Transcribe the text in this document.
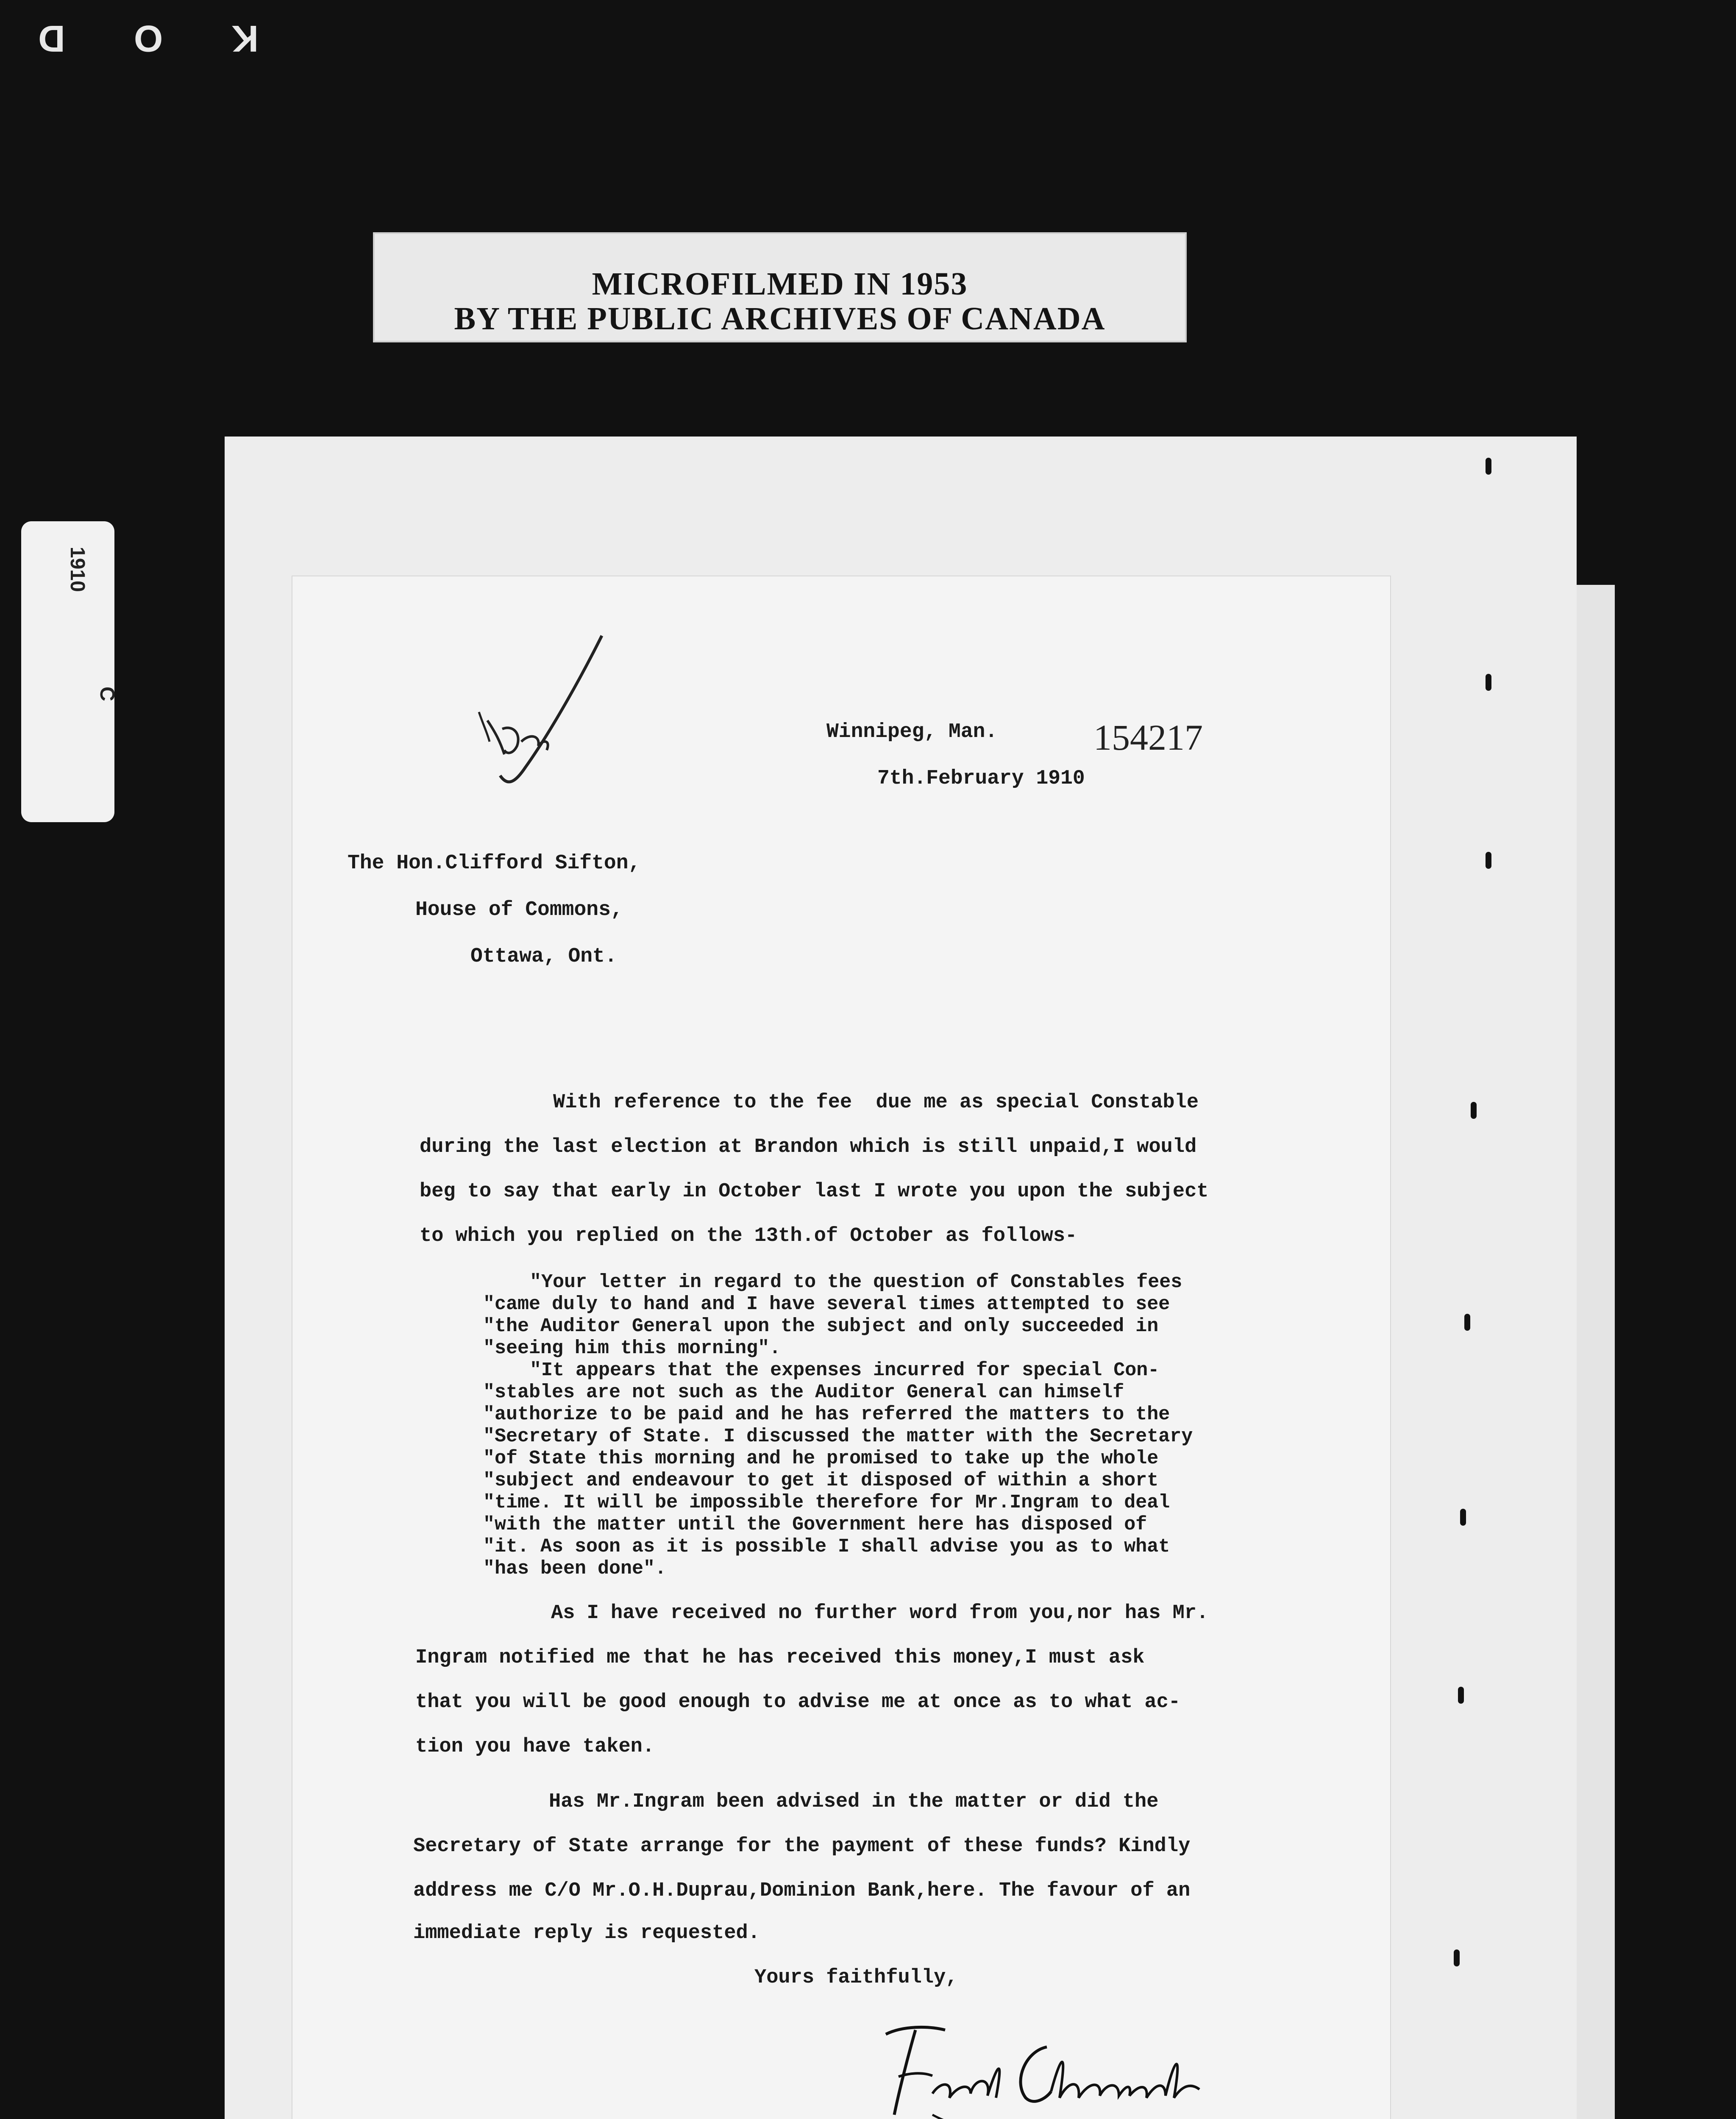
K
O
D
MICROFILMED IN 1953
BY THE PUBLIC ARCHIVES OF CANADA
1910
C
Winnipeg, Man.	154217
7th.February 1910
The Hon.Clifford Sifton,
House of Commons,
Ottawa, Ont.
With reference to the fee  due me as special Constable
during the last election at Brandon which is still unpaid,I would
beg to say that early in October last I wrote you upon the subject
to which you replied on the 13th.of October as follows-
"Your letter in regard to the question of Constables fees
"came duly to hand and I have several times attempted to see
"the Auditor General upon the subject and only succeeded in
"seeing him this morning".
"It appears that the expenses incurred for special Con-
"stables are not such as the Auditor General can himself
"authorize to be paid and he has referred the matters to the
"Secretary of State. I discussed the matter with the Secretary
"of State this morning and he promised to take up the whole
"subject and endeavour to get it disposed of within a short
"time. It will be impossible therefore for Mr.Ingram to deal
"with the matter until the Government here has disposed of
"it. As soon as it is possible I shall advise you as to what
"has been done".
As I have received no further word from you,nor has Mr.
Ingram notified me that he has received this money,I must ask
that you will be good enough to advise me at once as to what ac-
tion you have taken.
Has Mr.Ingram been advised in the matter or did the
Secretary of State arrange for the payment of these funds? Kindly
address me C/O Mr.O.H.Duprau,Dominion Bank,here. The favour of an
immediate reply is requested.
Yours faithfully,
